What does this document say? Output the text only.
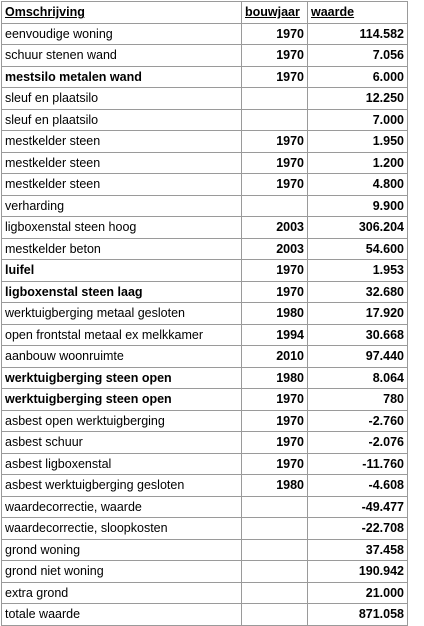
Omschrijving	bouwjaar	waarde
eenvoudige woning	1970	114.582
schuur stenen wand	1970	7.056
mestsilo metalen wand	1970	6.000
sleuf en plaatsilo		12.250
sleuf en plaatsilo		7.000
mestkelder steen	1970	1.950
mestkelder steen	1970	1.200
mestkelder steen	1970	4.800
verharding		9.900
ligboxenstal steen hoog	2003	306.204
mestkelder beton	2003	54.600
luifel	1970	1.953
ligboxenstal steen laag	1970	32.680
werktuigberging metaal gesloten	1980	17.920
open frontstal metaal ex melkkamer	1994	30.668
aanbouw woonruimte	2010	97.440
werktuigberging steen open	1980	8.064
werktuigberging steen open	1970	780
asbest open werktuigberging	1970	-2.760
asbest schuur	1970	-2.076
asbest ligboxenstal	1970	-11.760
asbest werktuigberging gesloten	1980	-4.608
waardecorrectie, waarde		-49.477
waardecorrectie, sloopkosten		-22.708
grond woning		37.458
grond niet woning		190.942
extra grond		21.000
totale waarde		871.058
